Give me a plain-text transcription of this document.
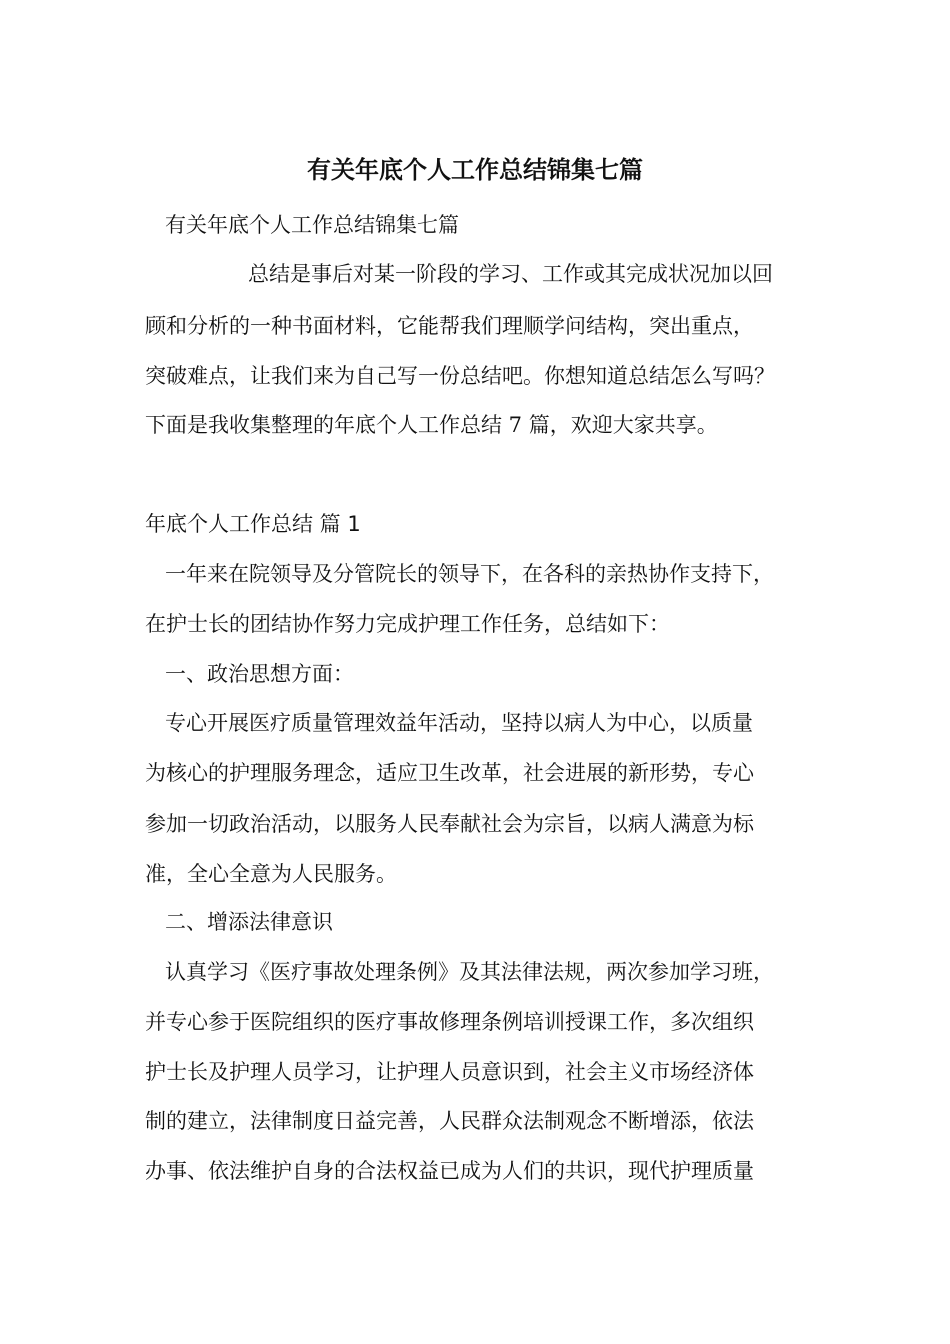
有关年底个人工作总结锦集七篇
有关年底个人工作总结锦集七篇
总结是事后对某一阶段的学习、工作或其完成状况加以回
顾和分析的一种书面材料，它能帮我们理顺学问结构，突出重点，
突破难点，让我们来为自己写一份总结吧。你想知道总结怎么写吗？
下面是我收集整理的年底个人工作总结 7 篇，欢迎大家共享。
年底个人工作总结 篇 1
一年来在院领导及分管院长的领导下，在各科的亲热协作支持下，
在护士长的团结协作努力完成护理工作任务，总结如下：
一、政治思想方面：
专心开展医疗质量管理效益年活动，坚持以病人为中心，以质量
为核心的护理服务理念，适应卫生改革，社会进展的新形势，专心
参加一切政治活动，以服务人民奉献社会为宗旨，以病人满意为标
准，全心全意为人民服务。
二、增添法律意识
认真学习《医疗事故处理条例》及其法律法规，两次参加学习班，
并专心参于医院组织的医疗事故修理条例培训授课工作，多次组织
护士长及护理人员学习，让护理人员意识到，社会主义市场经济体
制的建立，法律制度日益完善，人民群众法制观念不断增添，依法
办事、依法维护自身的合法权益已成为人们的共识，现代护理质量
